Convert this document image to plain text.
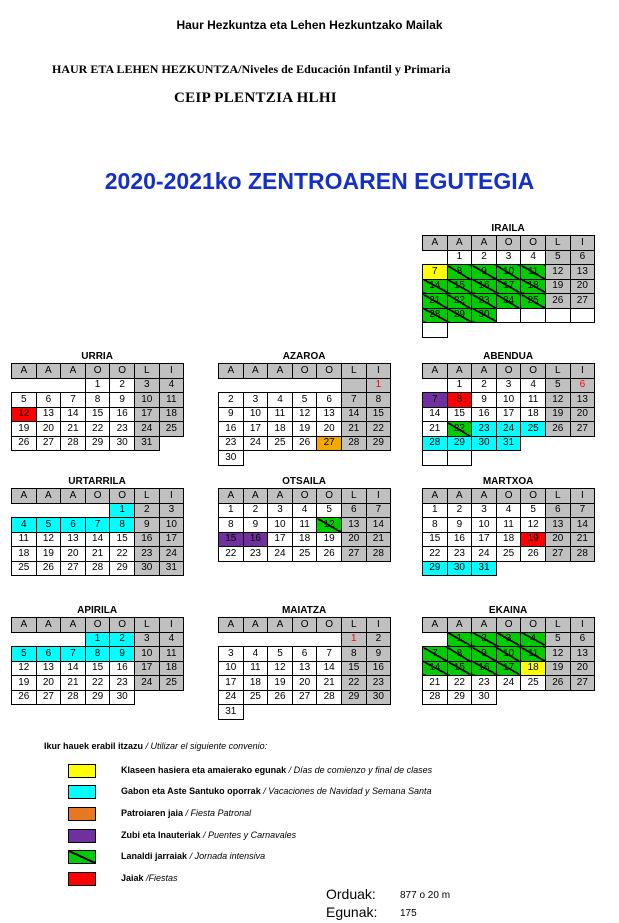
Haur Hezkuntza eta Lehen Hezkuntzako Mailak
HAUR ETA LEHEN HEZKUNTZA/Niveles de Educación Infantil y Primaria
CEIP PLENTZIA HLHI
2020-2021ko ZENTROAREN EGUTEGIA
IRAILA
A	A	A	O	O	L	I
	1	2	3	4	5	6
7	8	9	10	11	12	13
14	15	16	17	18	19	20
21	22	23	24	25	26	27
28	29	30				

URRIA
A	A	A	O	O	L	I
			1	2	3	4
5	6	7	8	9	10	11
12	13	14	15	16	17	18
19	20	21	22	23	24	25
26	27	28	29	30	31	
AZAROA
A	A	A	O	O	L	I
						1
2	3	4	5	6	7	8
9	10	11	12	13	14	15
16	17	18	19	20	21	22
23	24	25	26	27	28	29
30						
ABENDUA
A	A	A	O	O	L	I
	1	2	3	4	5	6
7	8	9	10	11	12	13
14	15	16	17	18	19	20
21	22	23	24	25	26	27
28	29	30	31			

URTARRILA
A	A	A	O	O	L	I
				1	2	3
4	5	6	7	8	9	10
11	12	13	14	15	16	17
18	19	20	21	22	23	24
25	26	27	28	29	30	31
OTSAILA
A	A	A	O	O	L	I
1	2	3	4	5	6	7
8	9	10	11	12	13	14
15	16	17	18	19	20	21
22	23	24	25	26	27	28
MARTXOA
A	A	A	O	O	L	I
1	2	3	4	5	6	7
8	9	10	11	12	13	14
15	16	17	18	19	20	21
22	23	24	25	26	27	28
29	30	31				
APIRILA
A	A	A	O	O	L	I
			1	2	3	4
5	6	7	8	9	10	11
12	13	14	15	16	17	18
19	20	21	22	23	24	25
26	27	28	29	30		
MAIATZA
A	A	A	O	O	L	I
					1	2
3	4	5	6	7	8	9
10	11	12	13	14	15	16
17	18	19	20	21	22	23
24	25	26	27	28	29	30
31						
EKAINA
A	A	A	O	O	L	I
	1	2	3	4	5	6
7	8	9	10	11	12	13
14	15	16	17	18	19	20
21	22	23	24	25	26	27
28	29	30				
Ikur hauek erabil itzazu / Utilizar el siguiente convenio:
Klaseen hasiera eta amaierako egunak / Días de comienzo y final de clases
Gabon eta Aste Santuko oporrak / Vacaciones de Navidad y Semana Santa
Patroiaren jaia / Fiesta Patronal
Zubi eta Inauteriak / Puentes y Carnavales
Lanaldi jarraiak / Jornada intensiva
Jaiak /Fiestas
Orduak: 877 o 20 m
Egunak: 175
